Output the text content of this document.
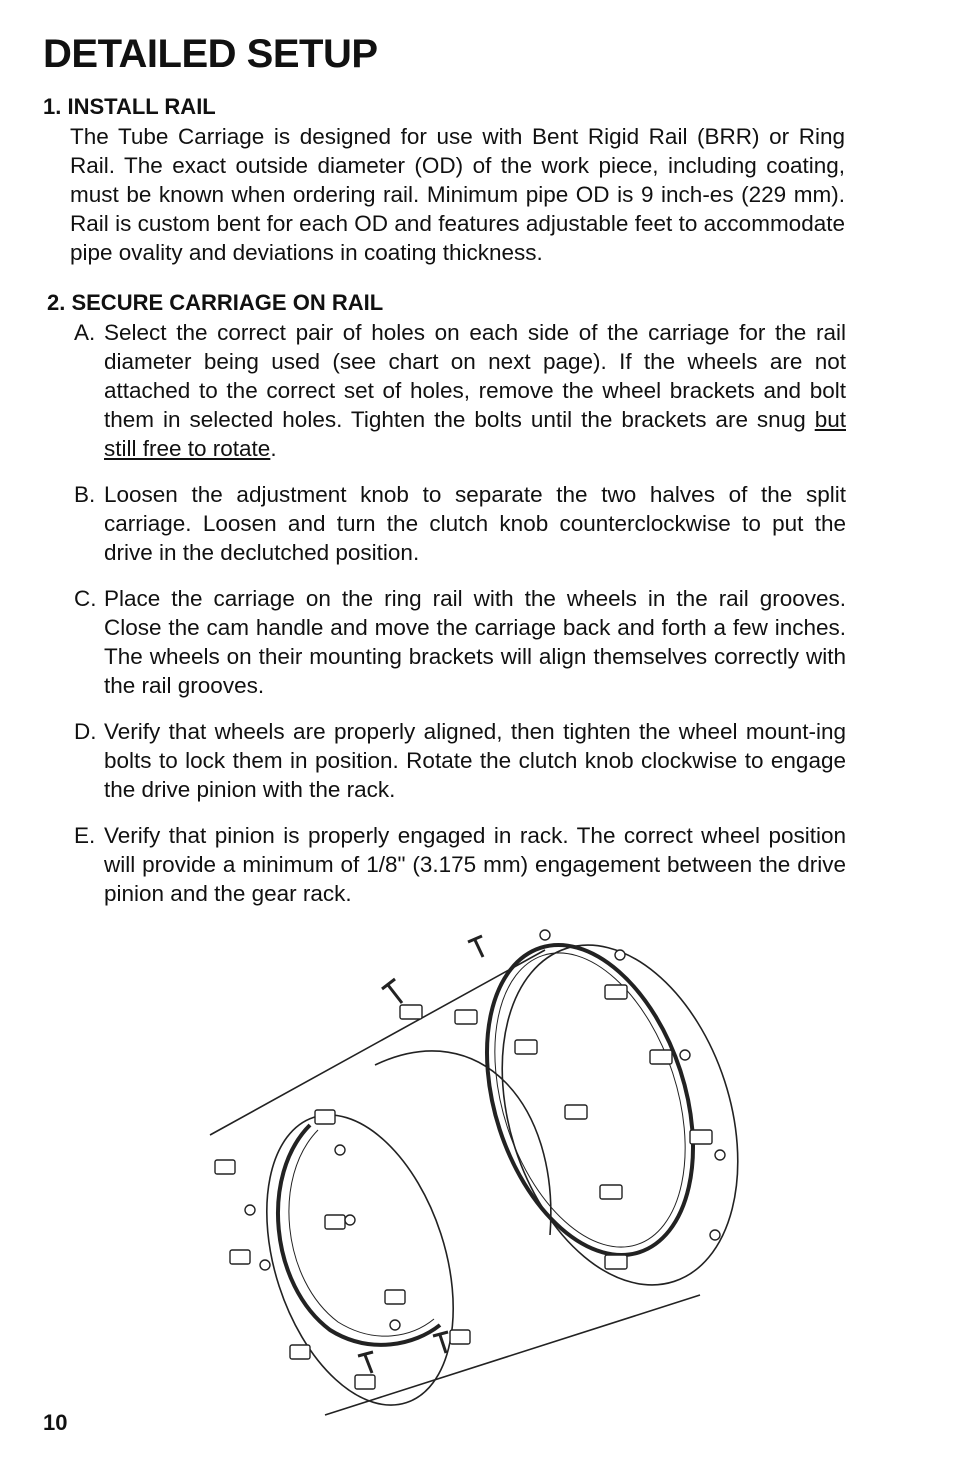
DETAILED SETUP
1. INSTALL RAIL

The Tube Carriage is designed for use with Bent Rigid Rail (BRR) or Ring Rail. The exact outside diameter (OD) of the work piece, including coating, must be known when ordering rail. Minimum pipe OD is 9 inch-es (229 mm). Rail is custom bent for each OD and features adjustable feet to accommodate pipe ovality and deviations in coating thickness.

2. SECURE CARRIAGE ON RAIL

A. Select the correct pair of holes on each side of the carriage for the rail diameter being used (see chart on next page). If the wheels are not attached to the correct set of holes, remove the wheel brackets and bolt them in selected holes. Tighten the bolts until the brackets are snug but still free to rotate.

B. Loosen the adjustment knob to separate the two halves of the split carriage. Loosen and turn the clutch knob counterclockwise to put the drive in the declutched position.

C. Place the carriage on the ring rail with the wheels in the rail grooves. Close the cam handle and move the carriage back and forth a few inches. The wheels on their mounting brackets will align themselves correctly with the rail grooves.

D. Verify that wheels are properly aligned, then tighten the wheel mount-ing bolts to lock them in position. Rotate the clutch knob clockwise to engage the drive pinion with the rack.

E. Verify that pinion is properly engaged in rack. The correct wheel position will provide a minimum of 1/8" (3.175 mm) engagement between the drive pinion and the gear rack.

10
